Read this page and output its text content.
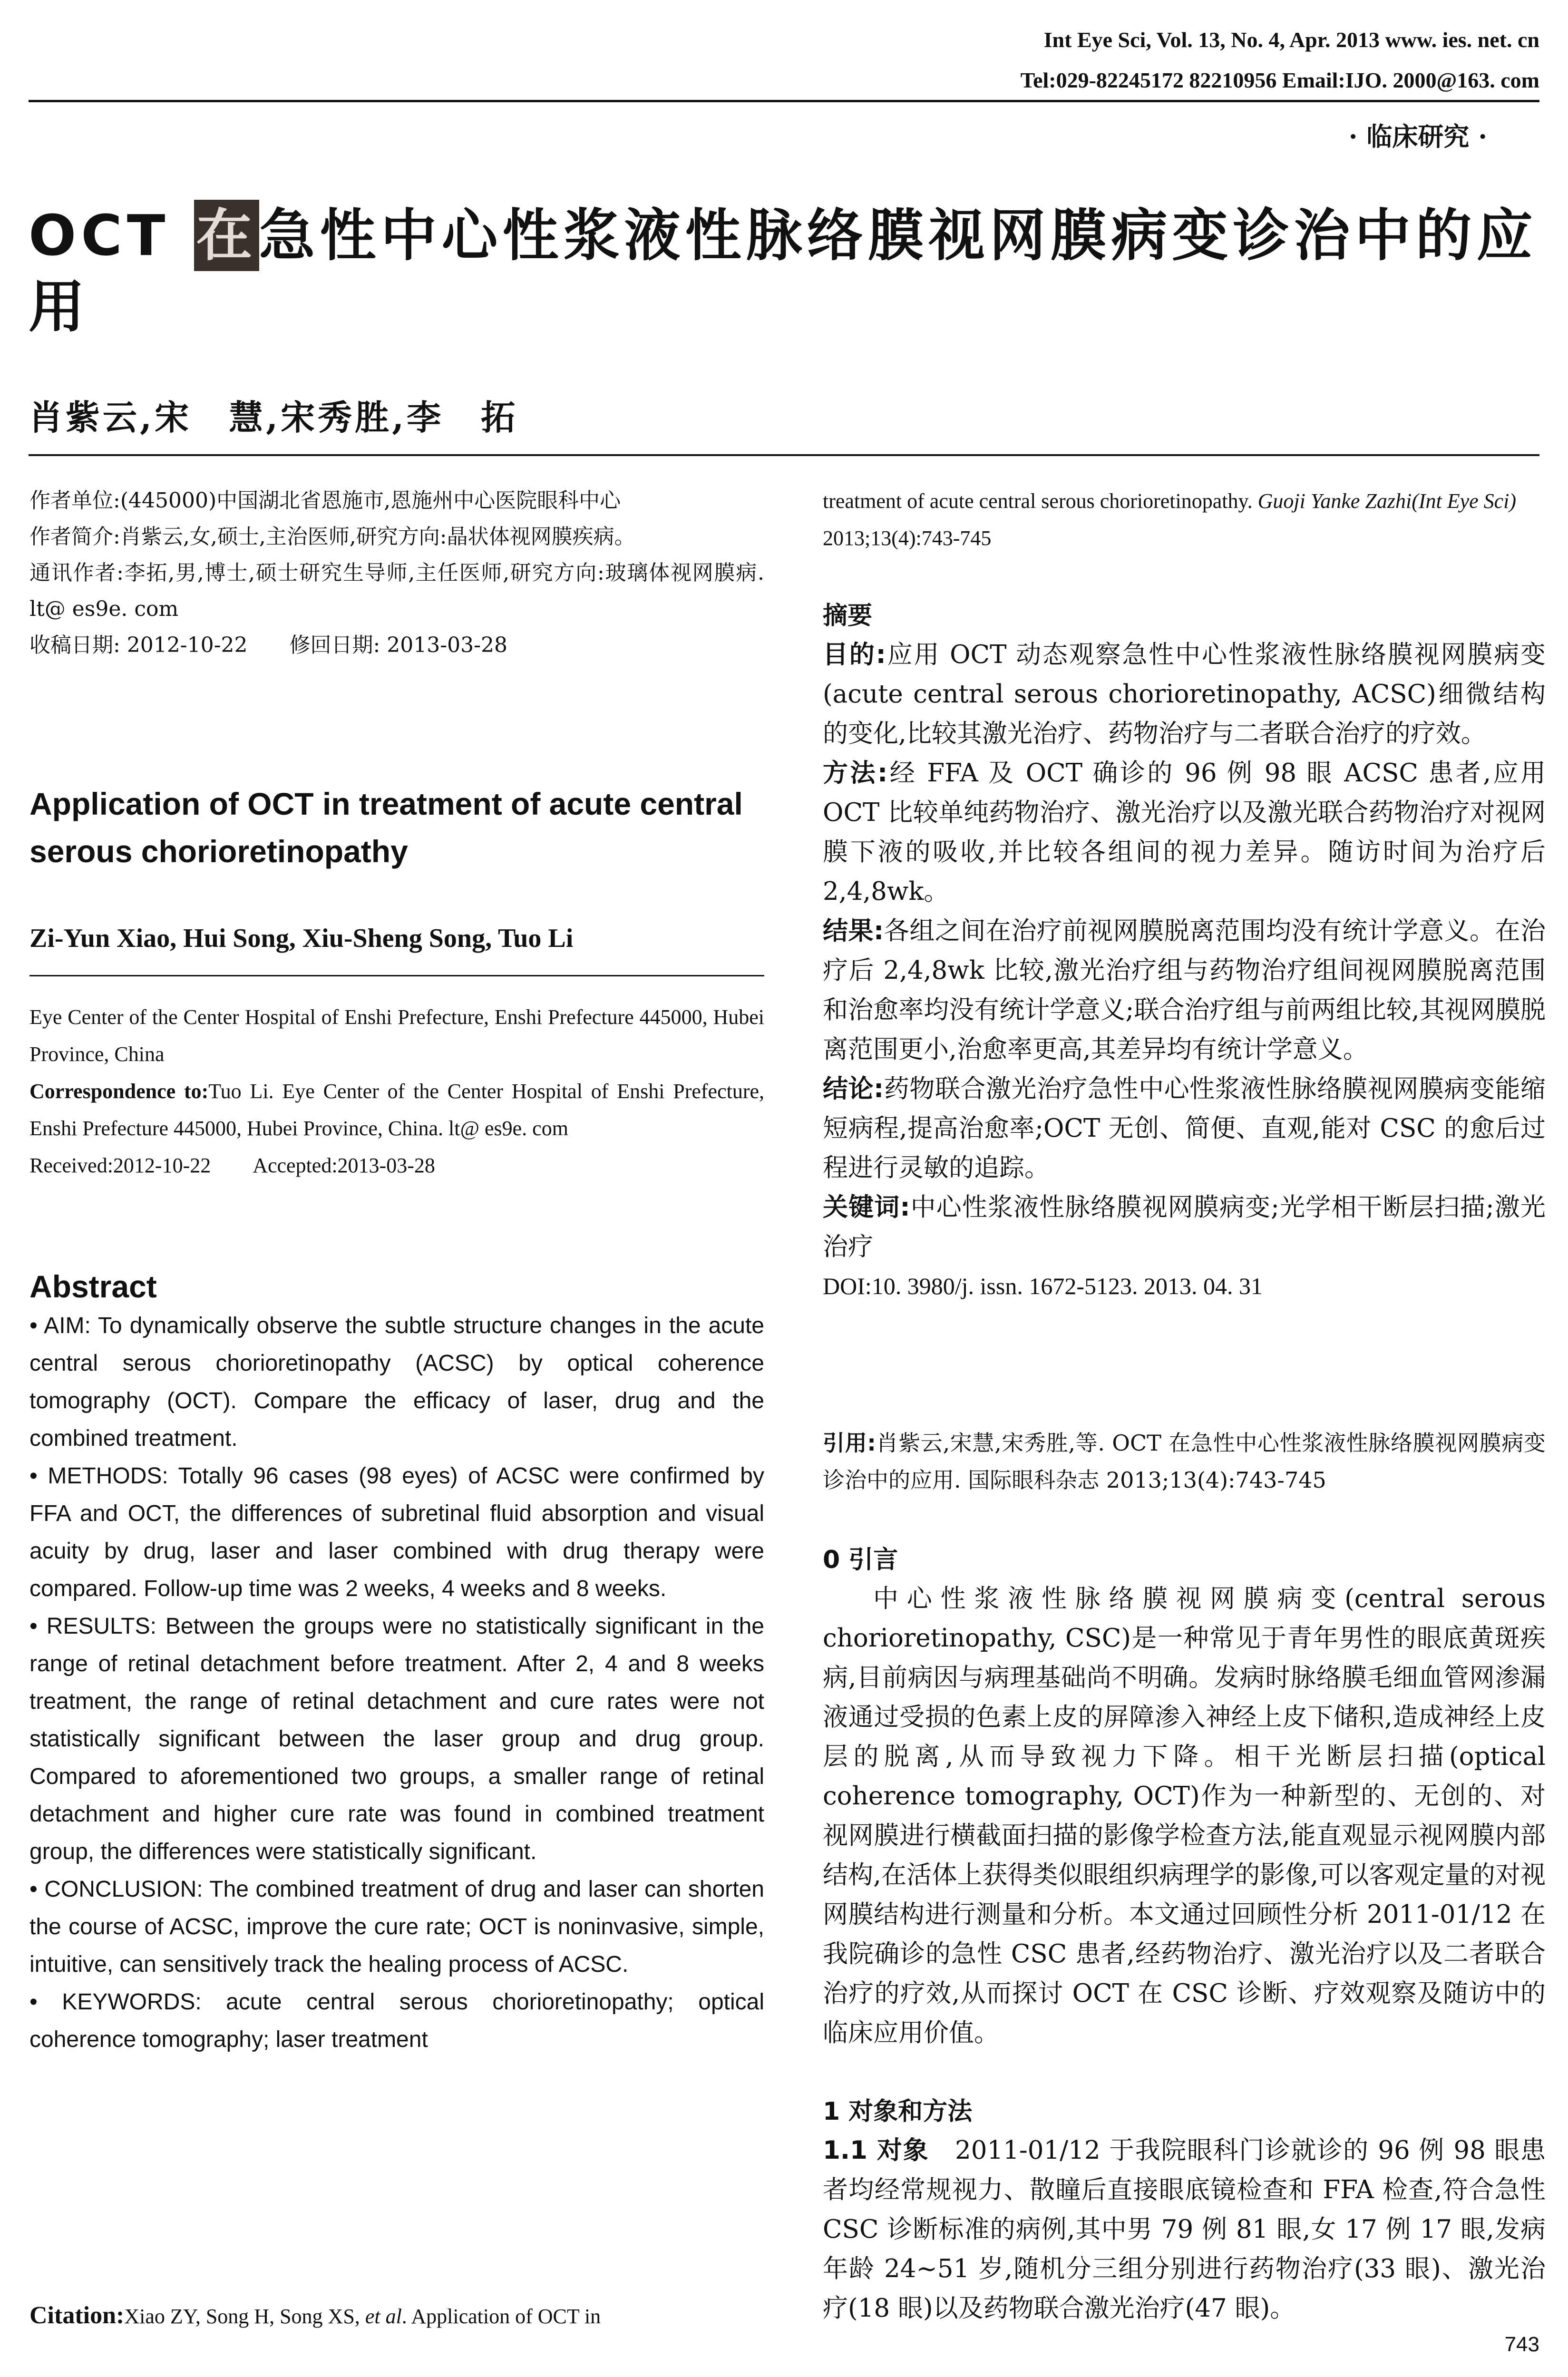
Int Eye Sci, Vol. 13, No. 4, Apr. 2013 www. ies. net. cn
Tel:029-82245172 82210956 Email:IJO. 2000@163. com
· 临床研究 ·
OCT 在急性中心性浆液性脉络膜视网膜病变诊治中的应用
肖紫云,宋　慧,宋秀胜,李　拓

作者单位:(445000)中国湖北省恩施市,恩施州中心医院眼科中心

作者简介:肖紫云,女,硕士,主治医师,研究方向:晶状体视网膜疾病。

通讯作者:李拓,男,博士,硕士研究生导师,主任医师,研究方向:玻璃体视网膜病. lt@ es9e. com

收稿日期: 2012-10-22　　修回日期: 2013-03-28

Application of OCT in treatment of acute central serous chorioretinopathy
Zi-Yun Xiao, Hui Song, Xiu-Sheng Song, Tuo Li

Eye Center of the Center Hospital of Enshi Prefecture, Enshi Prefecture 445000, Hubei Province, China

Correspondence to:Tuo Li. Eye Center of the Center Hospital of Enshi Prefecture, Enshi Prefecture 445000, Hubei Province, China. lt@ es9e. com

Received:2012-10-22　　Accepted:2013-03-28

Abstract

• AIM: To dynamically observe the subtle structure changes in the acute central serous chorioretinopathy (ACSC) by optical coherence tomography (OCT). Compare the efficacy of laser, drug and the combined treatment.

• METHODS: Totally 96 cases (98 eyes) of ACSC were confirmed by FFA and OCT, the differences of subretinal fluid absorption and visual acuity by drug, laser and laser combined with drug therapy were compared. Follow-up time was 2 weeks, 4 weeks and 8 weeks.

• RESULTS: Between the groups were no statistically significant in the range of retinal detachment before treatment. After 2, 4 and 8 weeks treatment, the range of retinal detachment and cure rates were not statistically significant between the laser group and drug group. Compared to aforementioned two groups, a smaller range of retinal detachment and higher cure rate was found in combined treatment group, the differences were statistically significant.

• CONCLUSION: The combined treatment of drug and laser can shorten the course of ACSC, improve the cure rate; OCT is noninvasive, simple, intuitive, can sensitively track the healing process of ACSC.

• KEYWORDS: acute central serous chorioretinopathy; optical coherence tomography; laser treatment

Citation:Xiao ZY, Song H, Song XS, et al. Application of OCT in
treatment of acute central serous chorioretinopathy. Guoji Yanke Zazhi(Int Eye Sci) 2013;13(4):743-745
摘要

目的:应用 OCT 动态观察急性中心性浆液性脉络膜视网膜病变(acute central serous chorioretinopathy, ACSC)细微结构的变化,比较其激光治疗、药物治疗与二者联合治疗的疗效。

方法:经 FFA 及 OCT 确诊的 96 例 98 眼 ACSC 患者,应用 OCT 比较单纯药物治疗、激光治疗以及激光联合药物治疗对视网膜下液的吸收,并比较各组间的视力差异。随访时间为治疗后 2,4,8wk。

结果:各组之间在治疗前视网膜脱离范围均没有统计学意义。在治疗后 2,4,8wk 比较,激光治疗组与药物治疗组间视网膜脱离范围和治愈率均没有统计学意义;联合治疗组与前两组比较,其视网膜脱离范围更小,治愈率更高,其差异均有统计学意义。

结论:药物联合激光治疗急性中心性浆液性脉络膜视网膜病变能缩短病程,提高治愈率;OCT 无创、简便、直观,能对 CSC 的愈后过程进行灵敏的追踪。

关键词:中心性浆液性脉络膜视网膜病变;光学相干断层扫描;激光治疗

DOI:10. 3980/j. issn. 1672-5123. 2013. 04. 31

引用:肖紫云,宋慧,宋秀胜,等. OCT 在急性中心性浆液性脉络膜视网膜病变诊治中的应用. 国际眼科杂志 2013;13(4):743-745
0 引言
中心性浆液性脉络膜视网膜病变(central serous chorioretinopathy, CSC)是一种常见于青年男性的眼底黄斑疾病,目前病因与病理基础尚不明确。发病时脉络膜毛细血管网渗漏液通过受损的色素上皮的屏障渗入神经上皮下储积,造成神经上皮层的脱离,从而导致视力下降。相干光断层扫描(optical coherence tomography, OCT)作为一种新型的、无创的、对视网膜进行横截面扫描的影像学检查方法,能直观显示视网膜内部结构,在活体上获得类似眼组织病理学的影像,可以客观定量的对视网膜结构进行测量和分析。本文通过回顾性分析 2011-01/12 在我院确诊的急性 CSC 患者,经药物治疗、激光治疗以及二者联合治疗的疗效,从而探讨 OCT 在 CSC 诊断、疗效观察及随访中的临床应用价值。
1 对象和方法
1.1 对象　 2011-01/12 于我院眼科门诊就诊的 96 例 98 眼患者均经常规视力、散瞳后直接眼底镜检查和 FFA 检查,符合急性 CSC 诊断标准的病例,其中男 79 例 81 眼,女 17 例 17 眼,发病年龄 24~51 岁,随机分三组分别进行药物治疗(33 眼)、激光治疗(18 眼)以及药物联合激光治疗(47 眼)。
743
